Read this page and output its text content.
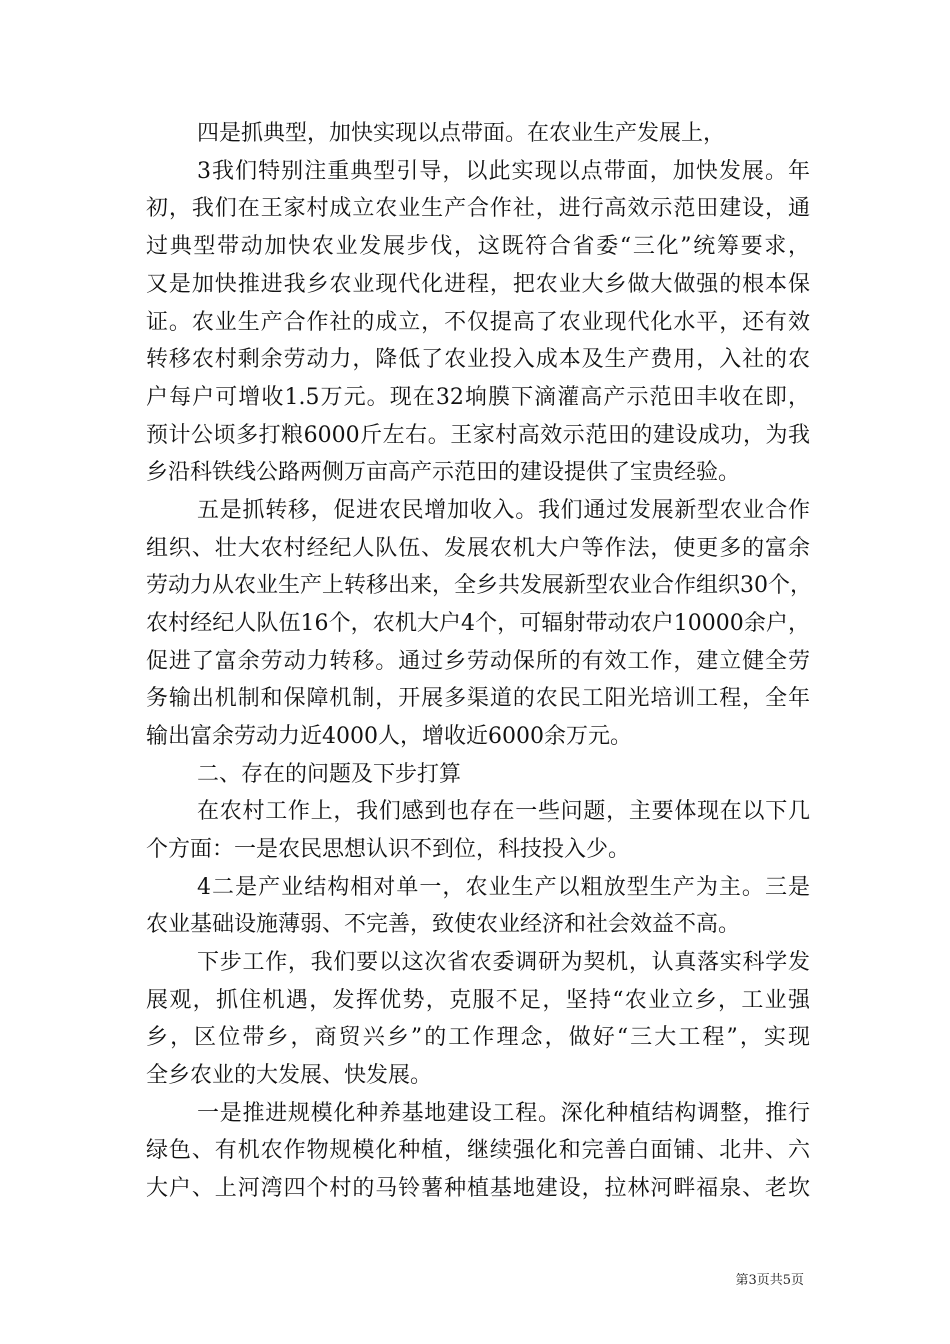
四是抓典型，加快实现以点带面。在农业生产发展上，
3我们特别注重典型引导，以此实现以点带面，加快发展。年
初，我们在王家村成立农业生产合作社，进行高效示范田建设，通
过典型带动加快农业发展步伐，这既符合省委“三化”统筹要求，
又是加快推进我乡农业现代化进程，把农业大乡做大做强的根本保
证。农业生产合作社的成立，不仅提高了农业现代化水平，还有效
转移农村剩余劳动力，降低了农业投入成本及生产费用，入社的农
户每户可增收1.5万元。现在32垧膜下滴灌高产示范田丰收在即，
预计公顷多打粮6000斤左右。王家村高效示范田的建设成功，为我
乡沿科铁线公路两侧万亩高产示范田的建设提供了宝贵经验。
五是抓转移，促进农民增加收入。我们通过发展新型农业合作
组织、壮大农村经纪人队伍、发展农机大户等作法，使更多的富余
劳动力从农业生产上转移出来，全乡共发展新型农业合作组织30个，
农村经纪人队伍16个，农机大户4个，可辐射带动农户10000余户，
促进了富余劳动力转移。通过乡劳动保所的有效工作，建立健全劳
务输出机制和保障机制，开展多渠道的农民工阳光培训工程，全年
输出富余劳动力近4000人，增收近6000余万元。
二、存在的问题及下步打算
在农村工作上，我们感到也存在一些问题，主要体现在以下几
个方面：一是农民思想认识不到位，科技投入少。
4二是产业结构相对单一，农业生产以粗放型生产为主。三是
农业基础设施薄弱、不完善，致使农业经济和社会效益不高。
下步工作，我们要以这次省农委调研为契机，认真落实科学发
展观，抓住机遇，发挥优势，克服不足，坚持“农业立乡，工业强
乡，区位带乡，商贸兴乡”的工作理念，做好“三大工程”，实现
全乡农业的大发展、快发展。
一是推进规模化种养基地建设工程。深化种植结构调整，推行
绿色、有机农作物规模化种植，继续强化和完善白面铺、北井、六
大户、上河湾四个村的马铃薯种植基地建设，拉林河畔福泉、老坎
第3页共5页
